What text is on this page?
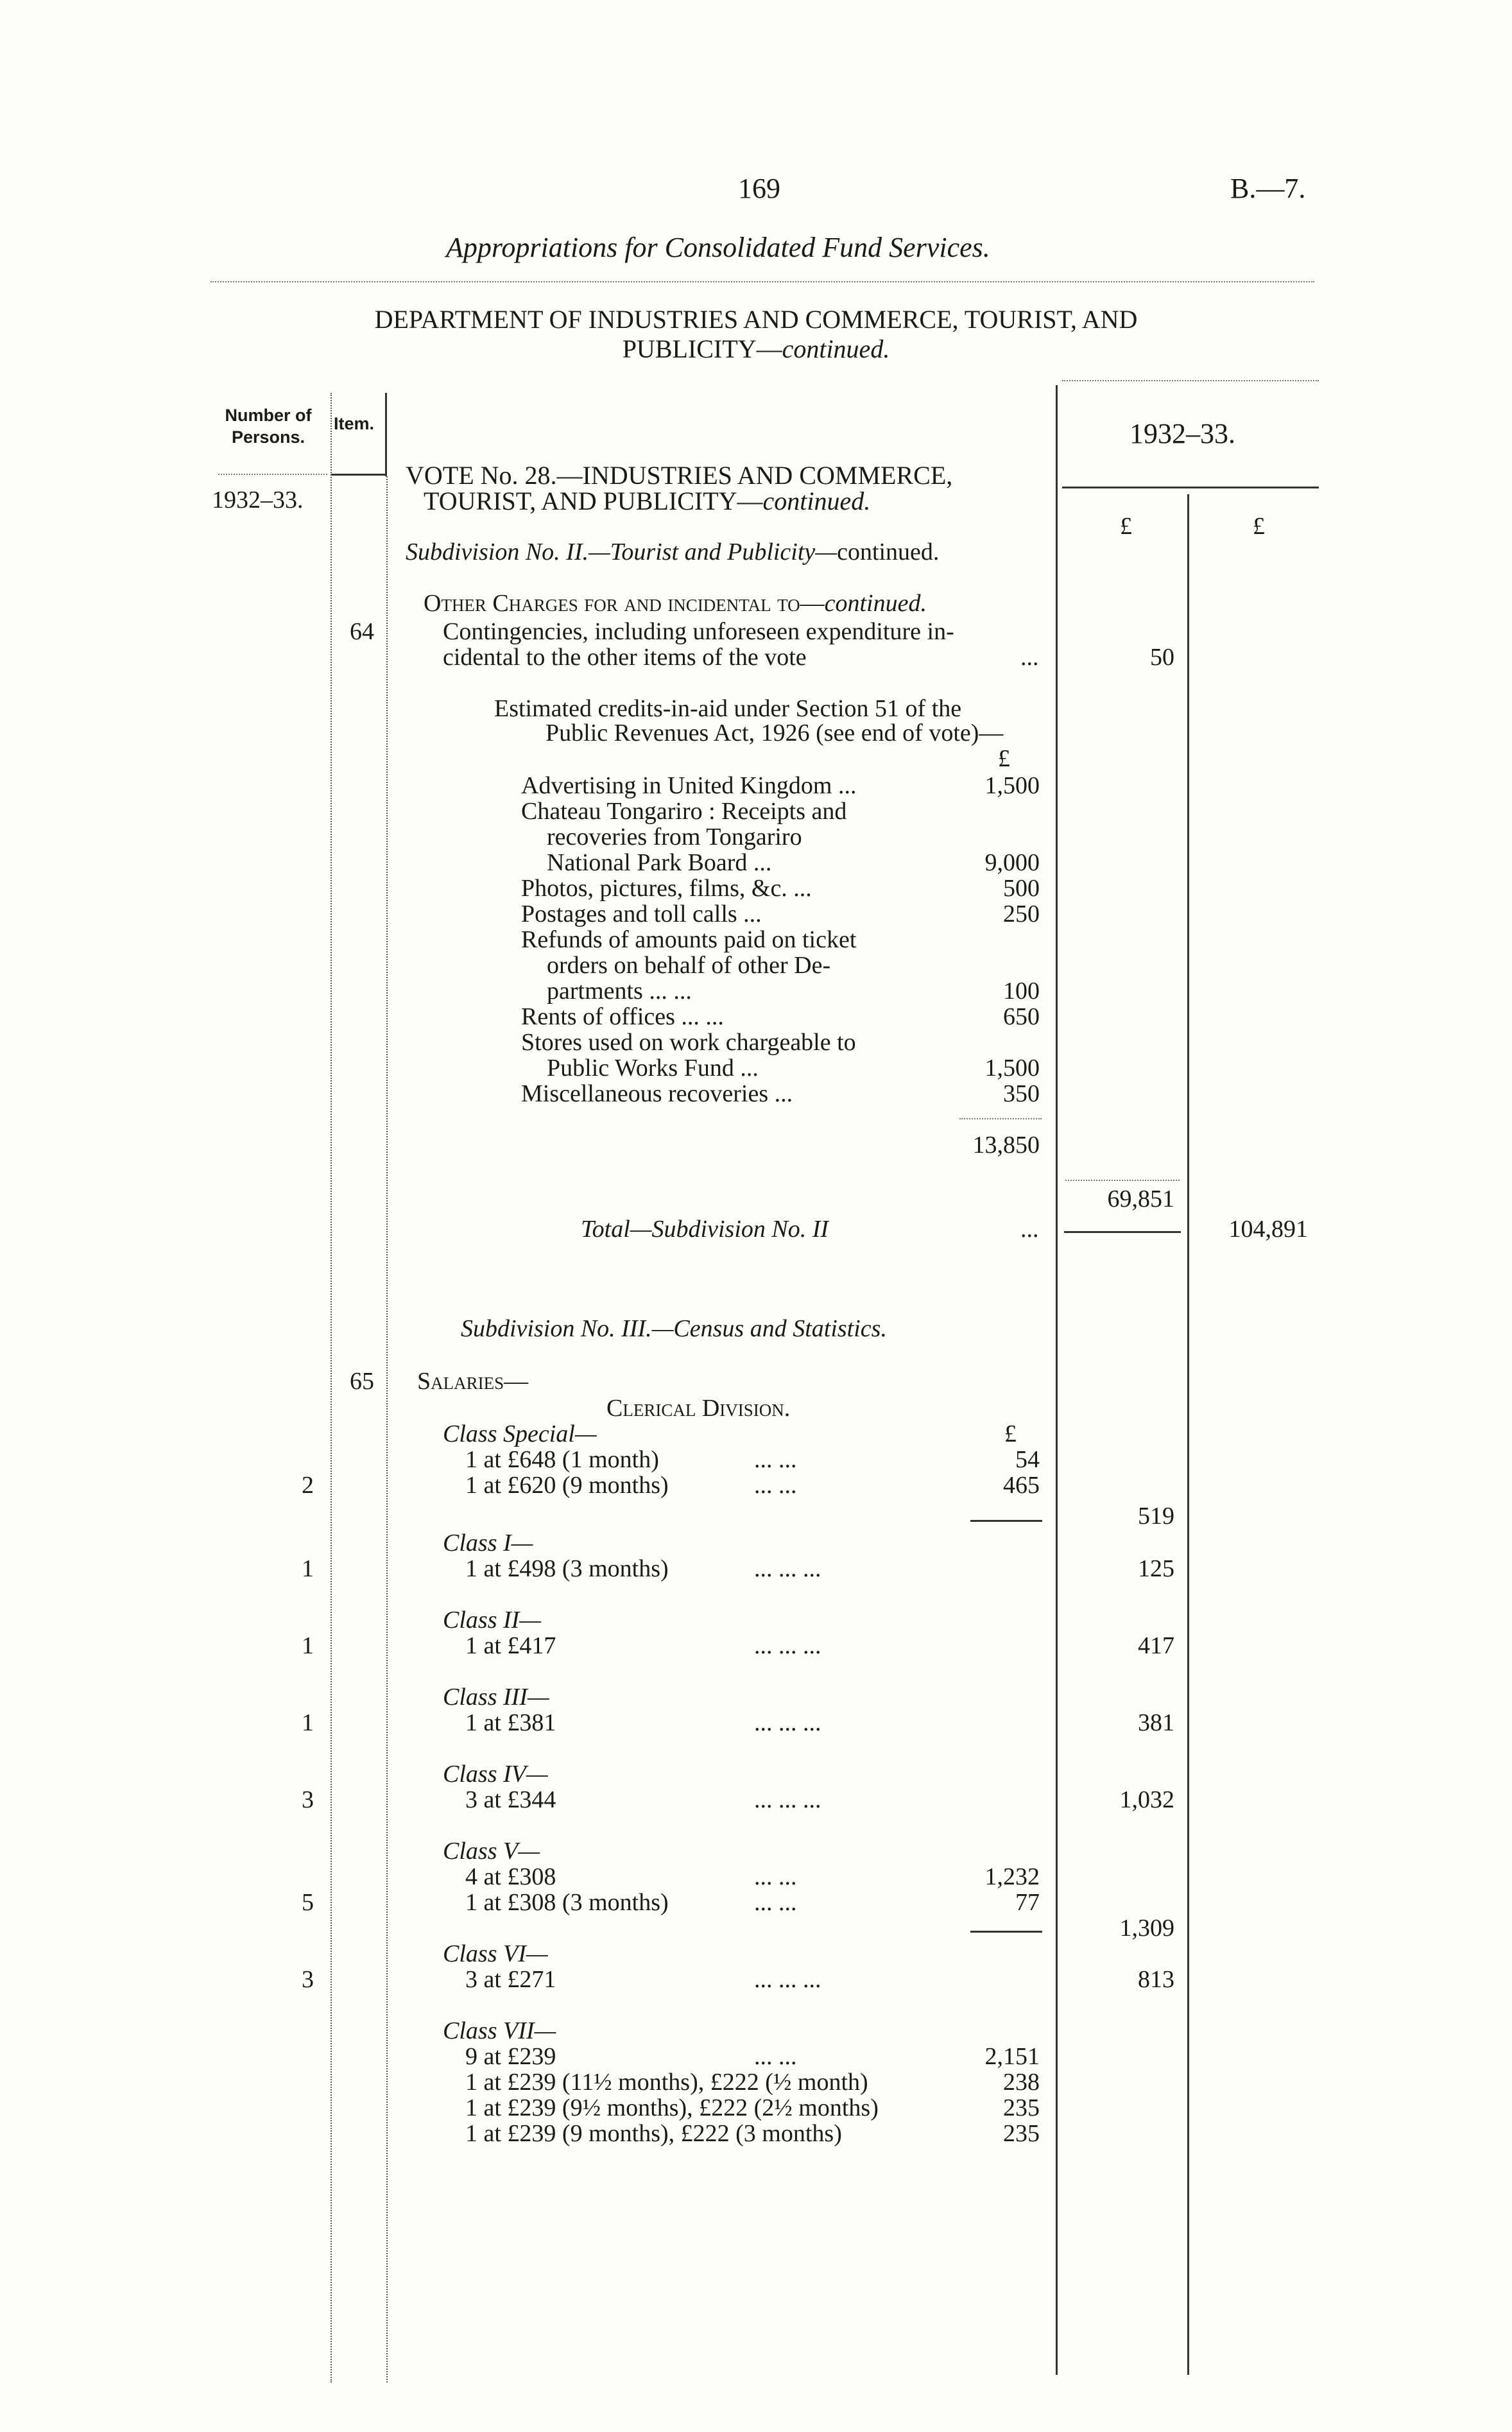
169	B.—7.
Appropriations for Consolidated Fund Services.
DEPARTMENT OF INDUSTRIES AND COMMERCE, TOURIST, AND
PUBLICITY—continued.
Number of Persons.
Item.
1932–33.
1932–33.
£	£
VOTE No. 28.—INDUSTRIES AND COMMERCE,
TOURIST, AND PUBLICITY—continued.
Subdivision No. II.—Tourist and Publicity—continued.
Other Charges for and incidental to—continued.
64	Contingencies, including unforeseen expenditure in-
cidental to the other items of the vote	...	50
Estimated credits-in-aid under Section 51 of the
Public Revenues Act, 1926 (see end of vote)—
£
Advertising in United Kingdom ...	1,500
Chateau Tongariro : Receipts and
recoveries from Tongariro
National Park Board ...	9,000
Photos, pictures, films, &c. ...	500
Postages and toll calls ...	250
Refunds of amounts paid on ticket
orders on behalf of other De-
partments ... ...	100
Rents of offices ... ...	650
Stores used on work chargeable to
Public Works Fund ...	1,500
Miscellaneous recoveries ...	350
13,850
69,851
Total—Subdivision No. II	...	104,891
Subdivision No. III.—Census and Statistics.
65 Salaries—
Clerical Division.
£
Class Special—
1 at £648 (1 month)	... ...	54
2	1 at £620 (9 months)	... ...	465
519
Class I—
1	1 at £498 (3 months)	... ... ...	125
Class II—
1	1 at £417	... ... ...	417
Class III—
1	1 at £381	... ... ...	381
Class IV—
3	3 at £344	... ... ...	1,032
Class V—
4 at £308	... ...	1,232
5	1 at £308 (3 months)	... ...	77
1,309
Class VI—
3	3 at £271	... ... ...	813
Class VII—
9 at £239	... ...	2,151
1 at £239 (11½ months), £222 (½ month)	238
1 at £239 (9½ months), £222 (2½ months)	235
1 at £239 (9 months), £222 (3 months)	235
